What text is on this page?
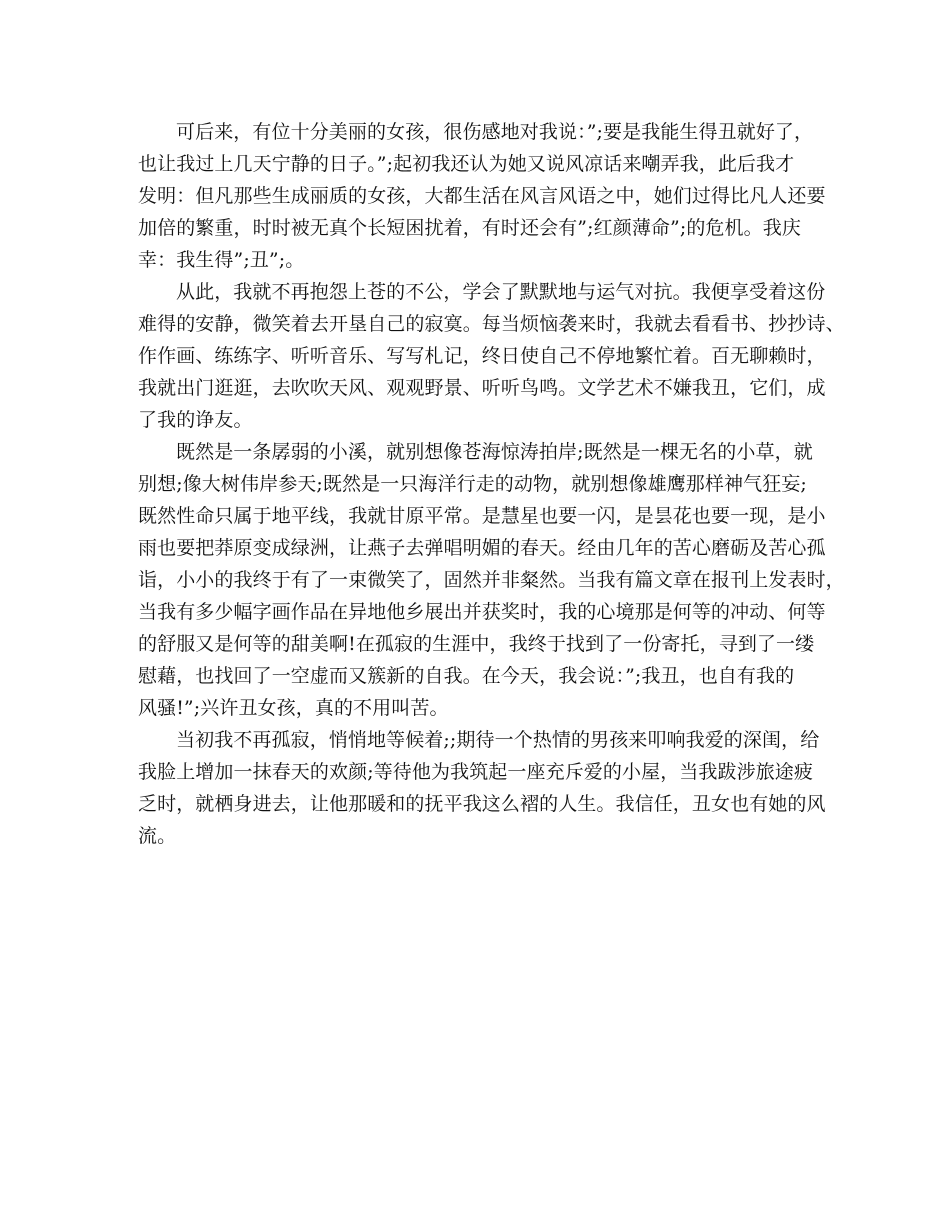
可后来，有位十分美丽的女孩，很伤感地对我说：”;要是我能生得丑就好了，
也让我过上几天宁静的日子。”;起初我还认为她又说风凉话来嘲弄我，此后我才
发明：但凡那些生成丽质的女孩，大都生活在风言风语之中，她们过得比凡人还要
加倍的繁重，时时被无真个长短困扰着，有时还会有”;红颜薄命”;的危机。我庆
幸：我生得”;丑”;。
从此，我就不再抱怨上苍的不公，学会了默默地与运气对抗。我便享受着这份
难得的安静，微笑着去开垦自己的寂寞。每当烦恼袭来时，我就去看看书、抄抄诗、
作作画、练练字、听听音乐、写写札记，终日使自己不停地繁忙着。百无聊赖时，
我就出门逛逛，去吹吹天风、观观野景、听听鸟鸣。文学艺术不嫌我丑，它们，成
了我的诤友。
既然是一条孱弱的小溪，就别想像苍海惊涛拍岸;既然是一棵无名的小草，就
别想;像大树伟岸参天;既然是一只海洋行走的动物，就别想像雄鹰那样神气狂妄;
既然性命只属于地平线，我就甘原平常。是慧星也要一闪，是昙花也要一现，是小
雨也要把莽原变成绿洲，让燕子去弹唱明媚的春天。经由几年的苦心磨砺及苦心孤
诣，小小的我终于有了一束微笑了，固然并非粲然。当我有篇文章在报刊上发表时，
当我有多少幅字画作品在异地他乡展出并获奖时，我的心境那是何等的冲动、何等
的舒服又是何等的甜美啊!在孤寂的生涯中，我终于找到了一份寄托，寻到了一缕
慰藉，也找回了一空虚而又簇新的自我。在今天，我会说：”;我丑，也自有我的
风骚!”;兴许丑女孩，真的不用叫苦。
当初我不再孤寂，悄悄地等候着;;期待一个热情的男孩来叩响我爱的深闺，给
我脸上增加一抹春天的欢颜;等待他为我筑起一座充斥爱的小屋，当我跋涉旅途疲
乏时，就栖身进去，让他那暖和的抚平我这么褶的人生。我信任，丑女也有她的风
流。
